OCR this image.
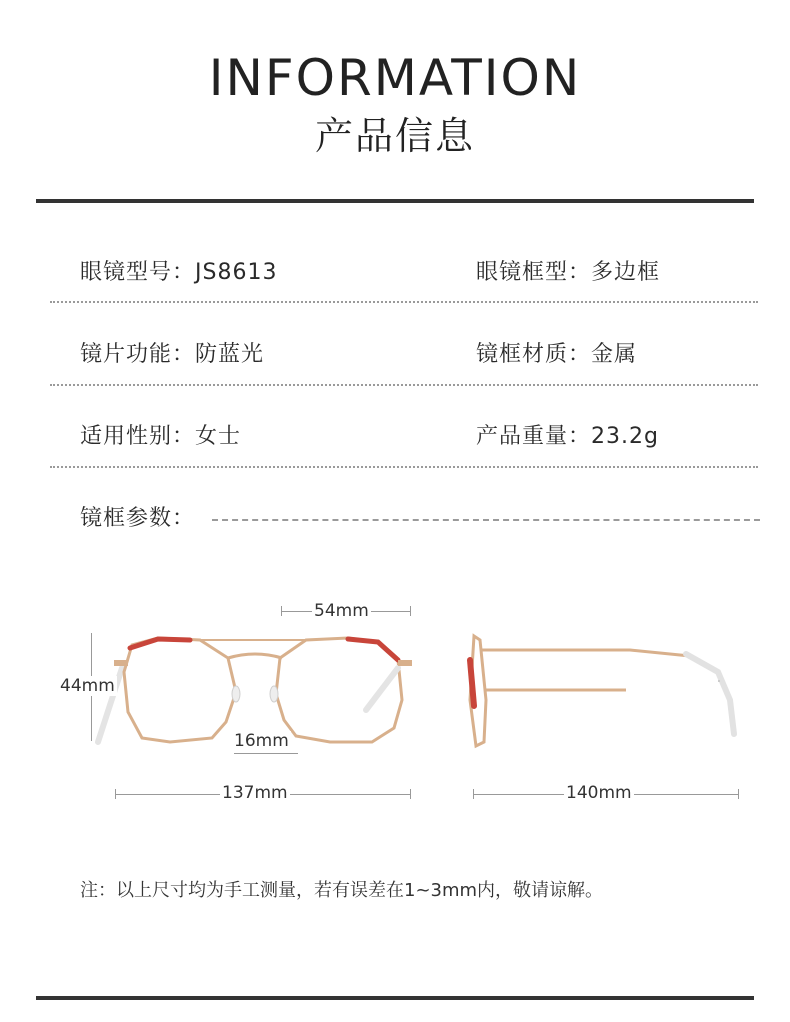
INFORMATION
产品信息
眼镜型号：JS8613	眼镜框型：多边框
镜片功能：防蓝光	镜框材质：金属
适用性别：女士	产品重量：23.2g
镜框参数：
54mm
44mm
16mm
137mm	140mm
注：以上尺寸均为手工测量，若有误差在1~3mm内，敬请谅解。
